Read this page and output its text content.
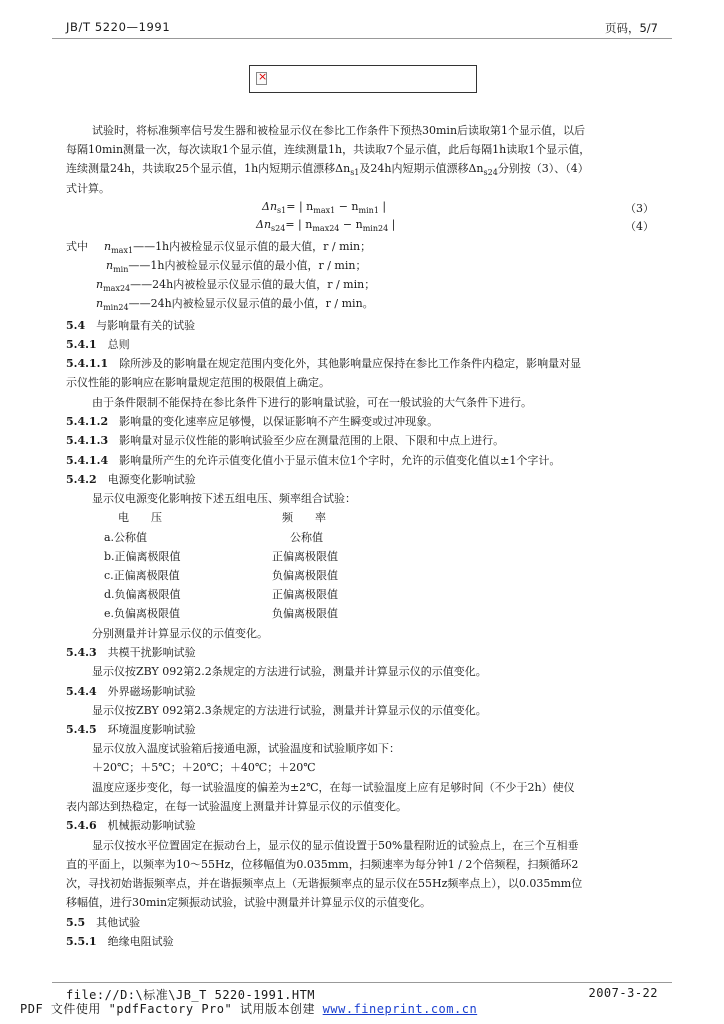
JB/T 5220—1991	页码，5/7
×
试验时，将标准频率信号发生器和被检显示仪在参比工作条件下预热30min后读取第1个显示值，以后
每隔10min测量一次，每次读取1个显示值，连续测量1h，共读取7个显示值，此后每隔1h读取1个显示值，
连续测量24h，共读取25个显示值，1h内短期示值漂移$\Delta n_{s1}$及24h内短期示值漂移$\Delta n_{s24}$分别按（3）、（4）
式计算。
$\Delta n_{s1}=$ | $n_{max1} - n_{min1}$ |	（3）
$\Delta n_{s24}=$ | $n_{max24} - n_{min24}$ |	（4）
式中 $n_{max1}——1h$内被检显示仪显示值的最大值，r / min；
$n_{min}——1h$内被检显示仪显示值的最小值，r / min；
$n_{max24}——24h$内被检显示仪显示值的最大值，r / min；
$n_{min24}——24h$内被检显示仪显示值的最小值，r / min。
5.4　 与影响量有关的试验
5.4.1　 总则
5.4.1.1　 除所涉及的影响量在规定范围内变化外，其他影响量应保持在参比工作条件内稳定，影响量对显
示仪性能的影响应在影响量规定范围的极限值上确定。
由于条件限制不能保持在参比条件下进行的影响量试验，可在一般试验的大气条件下进行。
5.4.1.2　 影响量的变化速率应足够慢，以保证影响不产生瞬变或过冲现象。
5.4.1.3　 影响量对显示仪性能的影响试验至少应在测量范围的上限、下限和中点上进行。
5.4.1.4　 影响量所产生的允许示值变化值小于显示值末位1个字时，允许的示值变化值以±1个字计。
5.4.2　 电源变化影响试验
显示仪电源变化影响按下述五组电压、频率组合试验：
电　　压	频　　率
a.公称值	公称值
b.正偏离极限值	正偏离极限值
c.正偏离极限值	负偏离极限值
d.负偏离极限值	正偏离极限值
e.负偏离极限值	负偏离极限值
分别测量并计算显示仪的示值变化。
5.4.3　 共模干扰影响试验
显示仪按ZBY 092第2.2条规定的方法进行试验，测量并计算显示仪的示值变化。
5.4.4　 外界磁场影响试验
显示仪按ZBY 092第2.3条规定的方法进行试验，测量并计算显示仪的示值变化。
5.4.5　 环境温度影响试验
显示仪放入温度试验箱后接通电源，试验温度和试验顺序如下：
＋20℃；＋5℃；＋20℃；＋40℃；＋20℃
温度应逐步变化，每一试验温度的偏差为±2℃，在每一试验温度上应有足够时间（不少于2h）使仪
表内部达到热稳定，在每一试验温度上测量并计算显示仪的示值变化。
5.4.6　 机械振动影响试验
显示仪按水平位置固定在振动台上，显示仪的显示值设置于50%量程附近的试验点上，在三个互相垂
直的平面上，以频率为10～55Hz，位移幅值为0.035mm，扫频速率为每分钟1 / 2个倍频程，扫频循环2
次，寻找初始谐振频率点，并在谐振频率点上（无谐振频率点的显示仪在55Hz频率点上），以0.035mm位
移幅值，进行30min定频振动试验，试验中测量并计算显示仪的示值变化。
5.5　 其他试验
5.5.1　 绝缘电阻试验
file://D:\标准\JB_T 5220-1991.HTM	2007-3-22
PDF 文件使用 "pdfFactory Pro" 试用版本创建 www.fineprint.com.cn
